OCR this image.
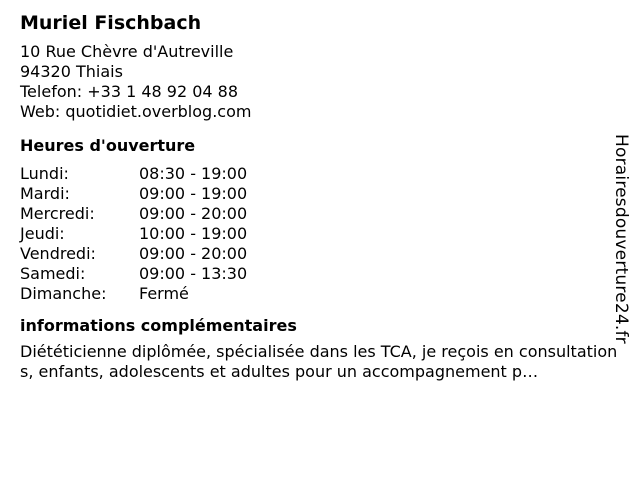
Muriel Fischbach
10 Rue Chèvre d'Autreville
94320 Thiais
Telefon: +33 1 48 92 04 88
Web: quotidiet.overblog.com
Heures d'ouverture
Lundi:	08:30 - 19:00
Mardi:	09:00 - 19:00
Mercredi:	09:00 - 20:00
Jeudi:	10:00 - 19:00
Vendredi:	09:00 - 20:00
Samedi:	09:00 - 13:30
Dimanche:	Fermé
informations complémentaires
Diététicienne diplômée, spécialisée dans les TCA, je reçois en consultations, enfants, adolescents et adultes pour un accompagnement p…
Horairesdouverture24.fr
